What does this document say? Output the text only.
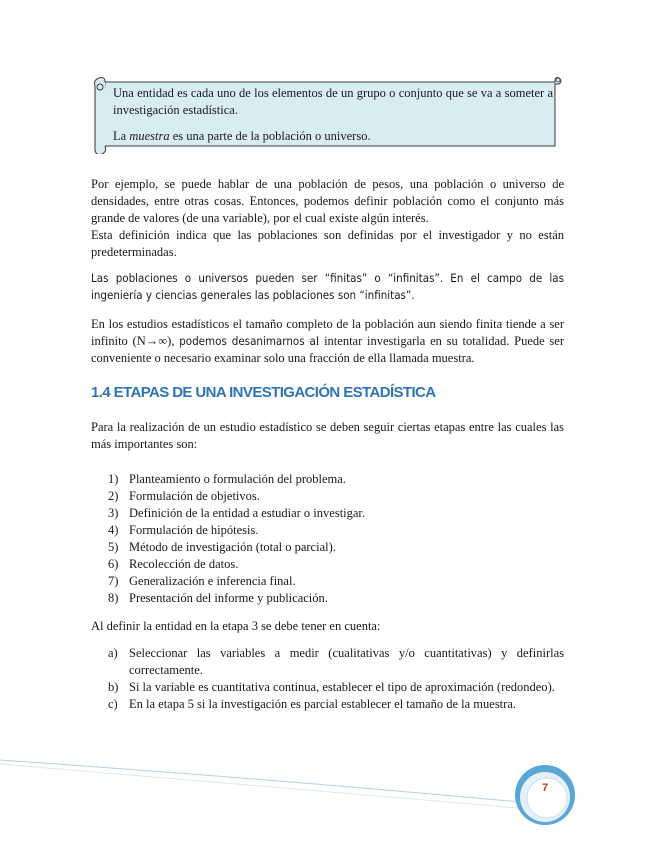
Una entidad es cada uno de los elementos de un grupo o conjunto que se va a someter a investigación estadística.

La muestra es una parte de la población o universo.

Por ejemplo, se puede hablar de una población de pesos, una población o universo de densidades, entre otras cosas. Entonces, podemos definir población como el conjunto más grande de valores (de una variable), por el cual existe algún interés.

Esta definición indica que las poblaciones son definidas por el investigador y no están predeterminadas.

Las poblaciones o universos pueden ser “finitas” o “infinitas”. En el campo de las ingeniería y ciencias generales las poblaciones son “infinitas”.

En los estudios estadísticos el tamaño completo de la población aun siendo finita tiende a ser infinito (N→∞), podemos desanimarnos al intentar investigarla en su totalidad. Puede ser conveniente o necesario examinar solo una fracción de ella llamada muestra.

1.4 ETAPAS DE UNA INVESTIGACIÓN ESTADÍSTICA

Para la realización de un estudio estadístico se deben seguir ciertas etapas entre las cuales las más importantes son:

1) Planteamiento o formulación del problema.
2) Formulación de objetivos.
3) Definición de la entidad a estudiar o investigar.
4) Formulación de hipótesis.
5) Método de investigación (total o parcial).
6) Recolección de datos.
7) Generalización e inferencia final.
8) Presentación del informe y publicación.

Al definir la entidad en la etapa 3 se debe tener en cuenta:

a) Seleccionar las variables a medir (cualitativas y/o cuantitativas) y definirlas correctamente.
b) Si la variable es cuantitativa continua, establecer el tipo de aproximación (redondeo).
c) En la etapa 5 si la investigación es parcial establecer el tamaño de la muestra.
7
